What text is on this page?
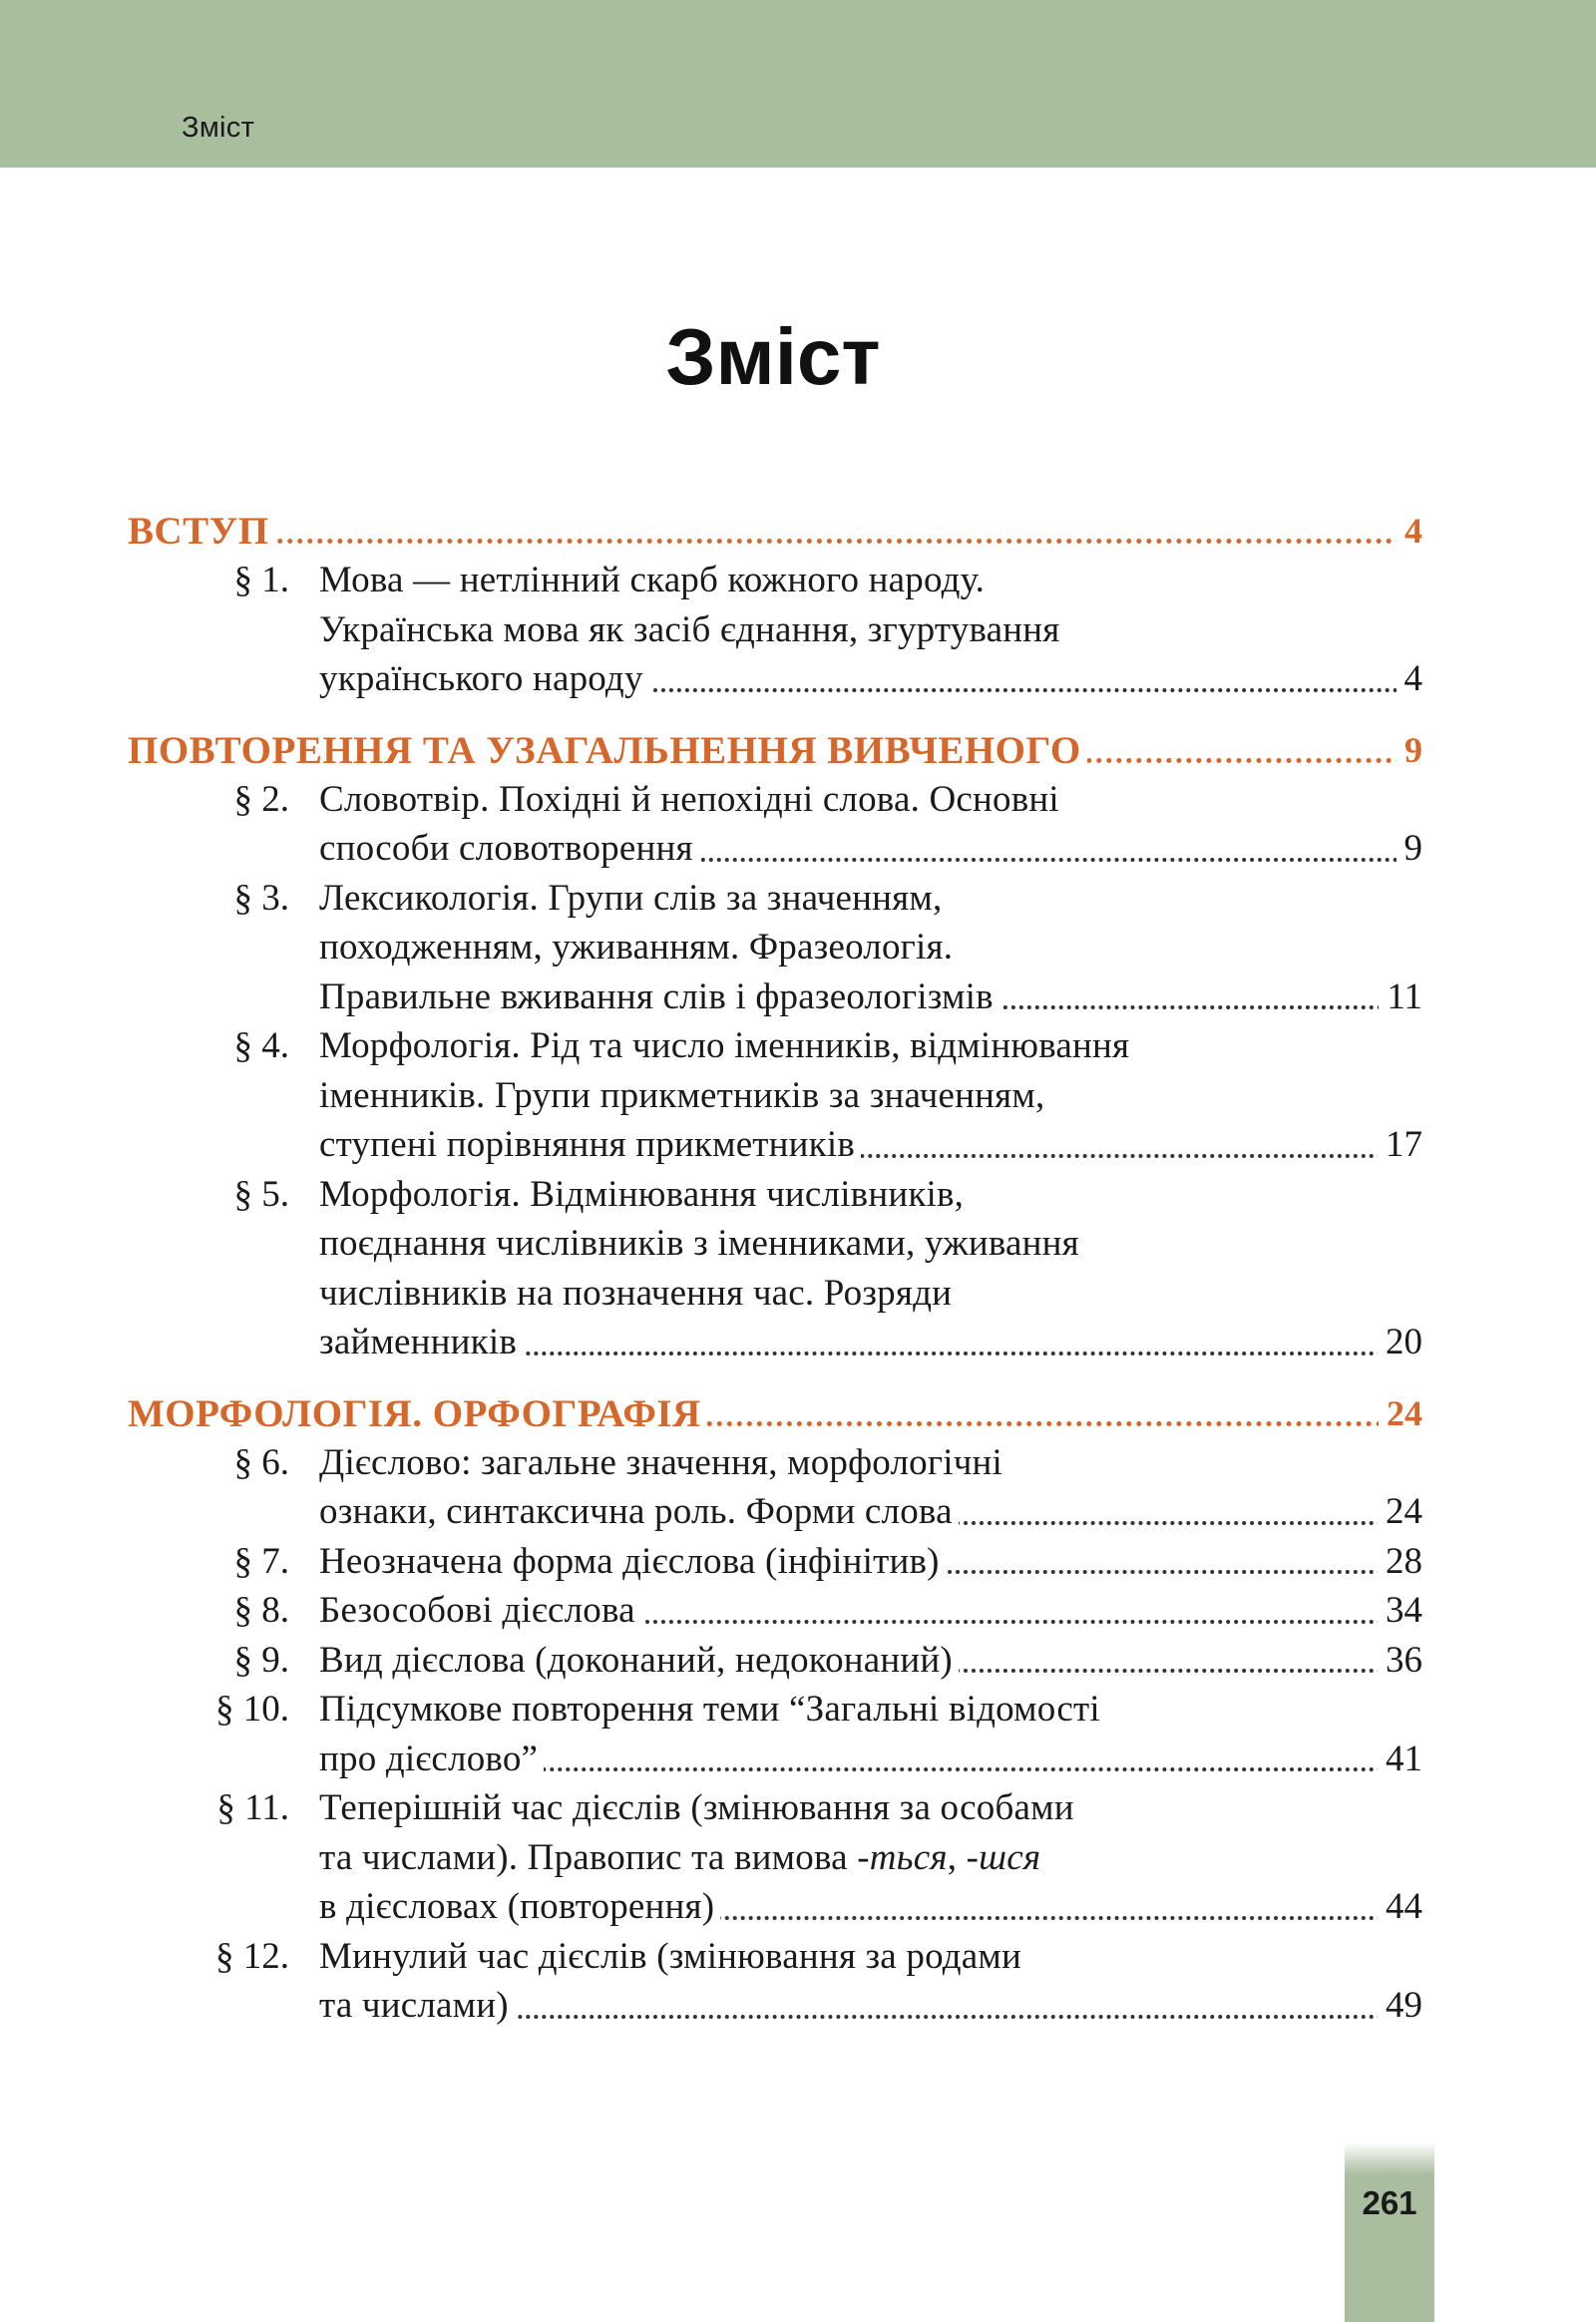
Зміст
Зміст
ВСТУП	4
§ 1. Мова — нетлінний скарб кожного народу.
Українська мова як засіб єднання, згуртування
українського народу	4
ПОВТОРЕННЯ ТА УЗАГАЛЬНЕННЯ ВИВЧЕНОГО	9
§ 2. Словотвір. Похідні й непохідні слова. Основні
способи словотворення	9
§ 3. Лексикологія. Групи слів за значенням,
походженням, уживанням. Фразеологія.
Правильне вживання слів і фразеологізмів	11
§ 4. Морфологія. Рід та число іменників, відмінювання
іменників. Групи прикметників за значенням,
ступені порівняння прикметників	17
§ 5. Морфологія. Відмінювання числівників,
поєднання числівників з іменниками, уживання
числівників на позначення час. Розряди
займенників	20
МОРФОЛОГІЯ. ОРФОГРАФІЯ	24
§ 6. Дієслово: загальне значення, морфологічні
ознаки, синтаксична роль. Форми слова	24
§ 7. Неозначена форма дієслова (інфінітив)	28
§ 8. Безособові дієслова	34
§ 9. Вид дієслова (доконаний, недоконаний)	36
§ 10. Підсумкове повторення теми “Загальні відомості
про дієслово”	41
§ 11. Теперішній час дієслів (змінювання за особами
та числами). Правопис та вимова -ться, -шся
в дієсловах (повторення)	44
§ 12. Минулий час дієслів (змінювання за родами
та числами)	49
261
